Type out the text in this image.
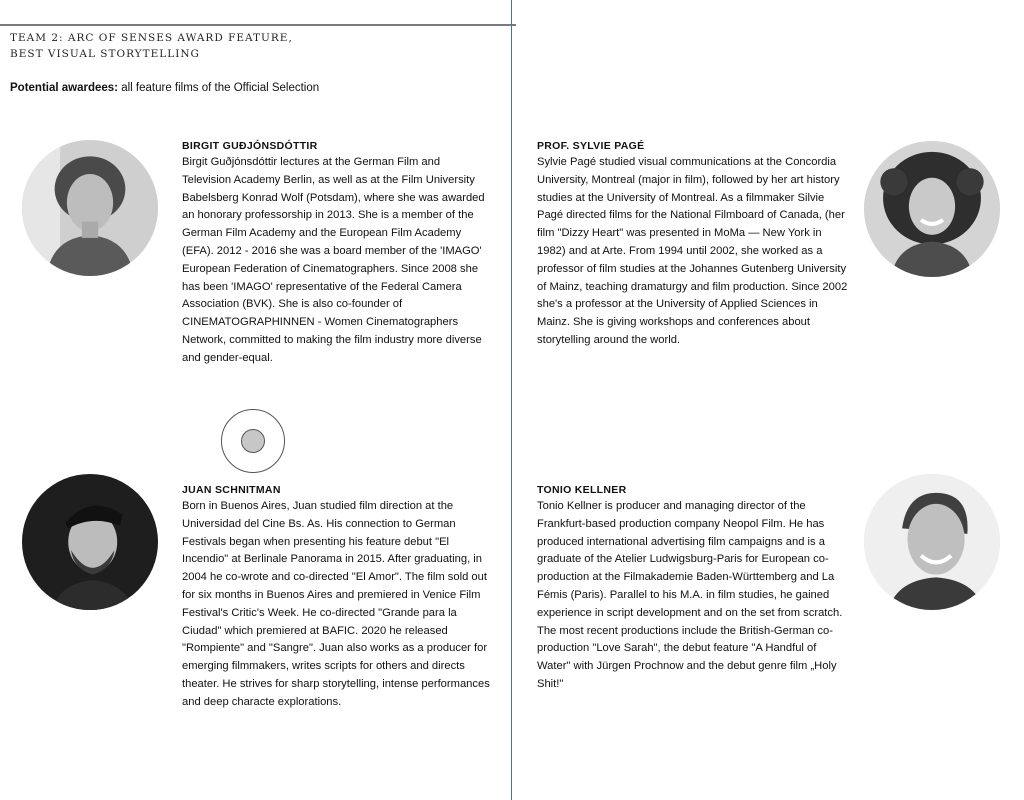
TEAM 2: ARC OF SENSES AWARD FEATURE,
BEST VISUAL STORYTELLING
Potential awardees: all feature films of the Official Selection

BIRGIT GUÐJÓNSDÓTTIR

Birgit Guðjónsdóttir lectures at the German Film and Television Academy Berlin, as well as at the Film University Babelsberg Konrad Wolf (Potsdam), where she was awarded an honorary professorship in 2013. She is a member of the German Film Academy and the European Film Academy (EFA). 2012 - 2016 she was a board member of the 'IMAGO' European Federation of Cinematographers. Since 2008 she has been 'IMAGO' representative of the Federal Camera Association (BVK). She is also co-founder of CINEMATOGRAPHINNEN - Women Cinematographers Network, committed to making the film industry more diverse and gender-equal.

PROF. SYLVIE PAGÉ

Sylvie Pagé studied visual communications at the Concordia University, Montreal (major in film), followed by her art history studies at the University of Montreal. As a filmmaker Silvie Pagé directed films for the National Filmboard of Canada, (her film "Dizzy Heart" was presented in MoMa — New York in 1982) and at Arte. From 1994 until 2002, she worked as a professor of film studies at the Johannes Gutenberg University of Mainz, teaching dramaturgy and film production. Since 2002 she's a professor at the University of Applied Sciences in Mainz. She is giving workshops and conferences about storytelling around the world.

JUAN SCHNITMAN

Born in Buenos Aires, Juan studied film direction at the Universidad del Cine Bs. As. His connection to German Festivals began when presenting his feature debut "El Incendio" at Berlinale Panorama in 2015. After graduating, in 2004 he co-wrote and co-directed "El Amor". The film sold out for six months in Buenos Aires and premiered in Venice Film Festival's Critic's Week. He co-directed "Grande para la Ciudad" which premiered at BAFIC. 2020 he released "Rompiente" and "Sangre". Juan also works as a producer for emerging filmmakers, writes scripts for others and directs theater. He strives for sharp storytelling, intense performances and deep characte explorations.

TONIO KELLNER

Tonio Kellner is producer and managing director of the Frankfurt-based production company Neopol Film. He has produced international advertising film campaigns and is a graduate of the Atelier Ludwigsburg-Paris for European co-production at the Filmakademie Baden-Württemberg and La Fémis (Paris). Parallel to his M.A. in film studies, he gained experience in script development and on the set from scratch. The most recent productions include the British-German co-production "Love Sarah", the debut feature "A Handful of Water" with Jürgen Prochnow and the debut genre film „Holy Shit!"
